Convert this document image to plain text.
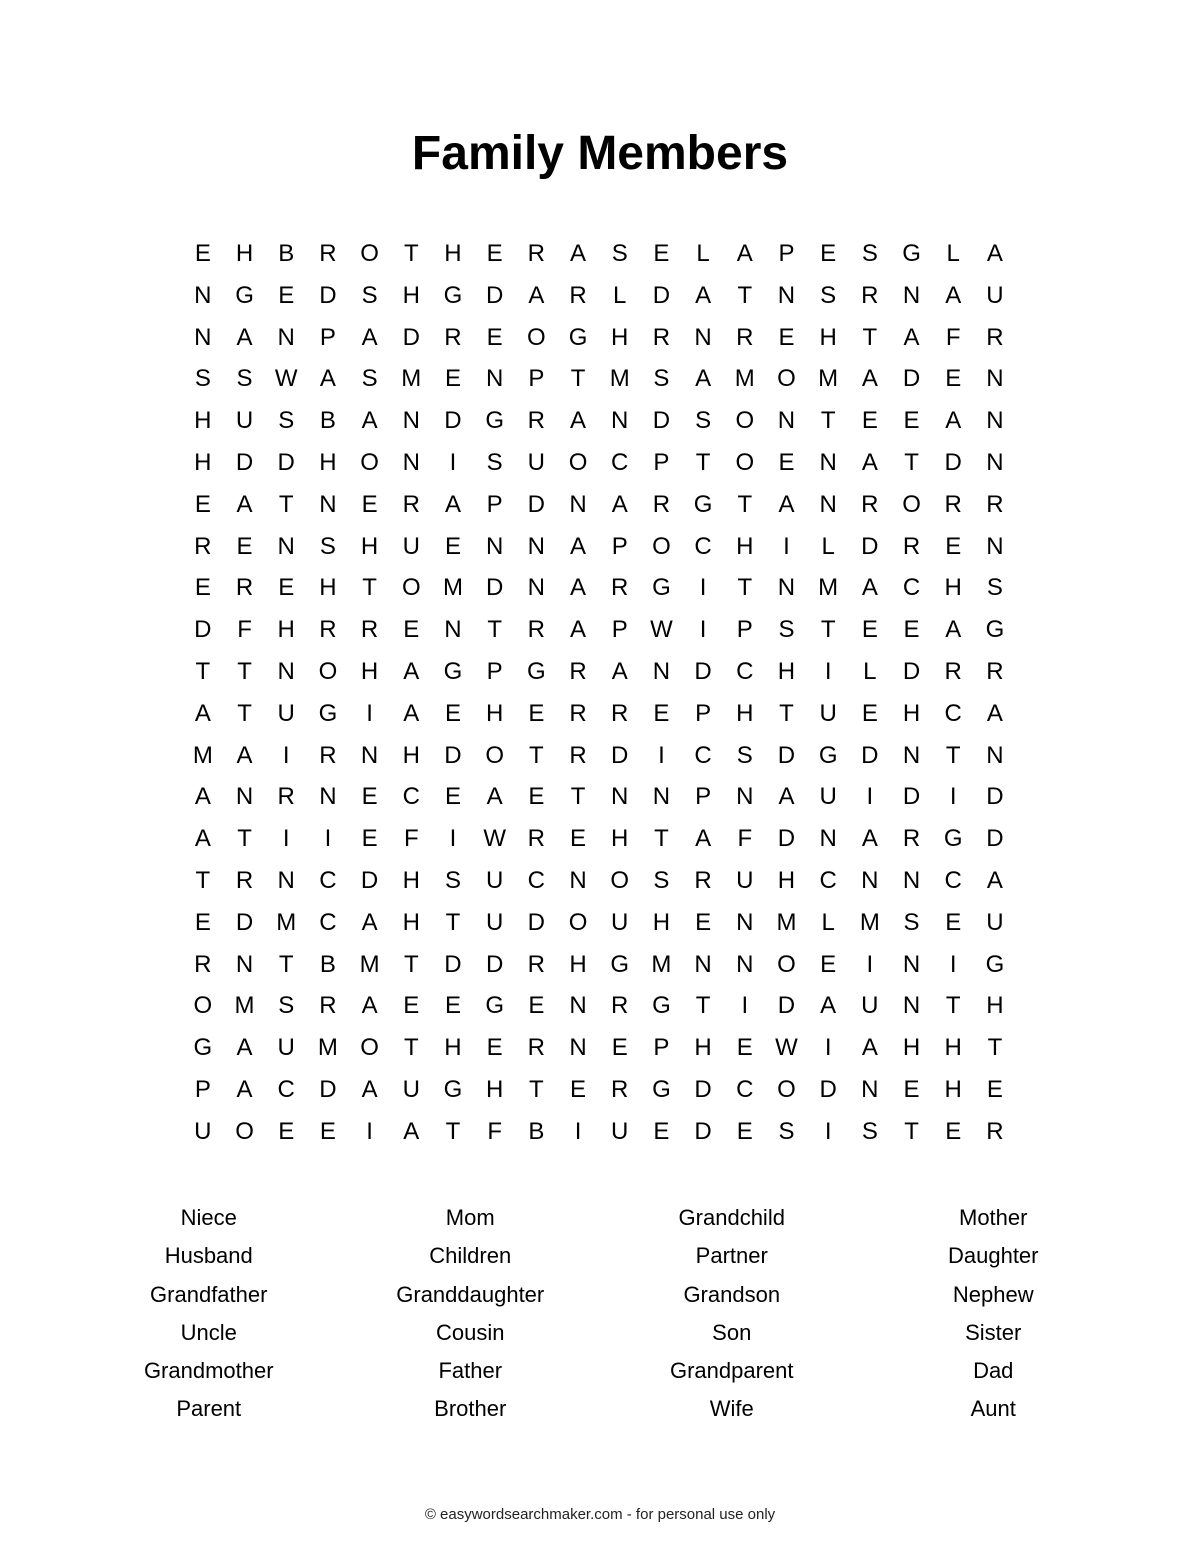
Family Members
E	H	B	R O	T	H	E	R	A	S	E	L	A	P	E	S	G	L	A
N G	E	D	S	H G D	A	R	L	D	A	T	N	S	R	N	A	U
N	A	N	P	A	D	R	E	O G H	R	N	R	E	H	T	A	F	R
S	S W A	S M E	N	P	T	M S	A M O M A	D	E	N
H	U	S	B	A	N	D G R	A	N	D	S	O N	T	E	E	A	N
H	D	D	H O N	I	S	U O C	P	T	O	E	N	A	T	D	N
E	A	T	N	E	R	A	P	D	N	A	R G	T	A	N	R O R	R
R	E	N	S	H	U	E	N	N	A	P	O C	H	I	L	D	R	E	N
E	R	E	H	T	O M D	N	A	R G	I	T	N M A	C	H	S
D	F	H	R	R	E	N	T	R	A	P W	I	P	S	T	E	E	A	G
T	T	N O H	A	G	P	G R	A	N	D	C	H	I	L	D	R	R
A	T	U G	I	A	E	H	E	R	R	E	P	H	T	U	E	H	C	A
M A	I	R	N	H	D O	T	R	D	I	C	S	D G D	N	T	N
A	N	R	N	E	C	E	A	E	T	N	N	P	N	A	U	I	D	I	D
A	T	I	I	E	F	I	W R	E	H	T	A	F	D	N	A	R G D
T	R	N	C	D	H	S	U	C	N O	S	R	U	H	C	N	N	C	A
E	D M C	A	H	T	U	D O U	H	E	N M	L	M S	E	U
R	N	T	B M	T	D	D	R	H G M N	N O	E	I	N	I	G
O M S	R	A	E	E	G	E	N	R G	T	I	D	A	U	N	T	H
G	A	U M O	T	H	E	R	N	E	P	H	E W	I	A	H	H	T
P	A	C	D	A	U G H	T	E	R G D	C O D	N	E	H	E
U O	E	E	I	A	T	F	B	I	U	E	D	E	S	I	S	T	E	R
Niece
Husband
Grandfather
Uncle
Grandmother
Parent
Mom
Children
Granddaughter
Cousin
Father
Brother
Grandchild
Partner
Grandson
Son
Grandparent
Wife
Mother
Daughter
Nephew
Sister
Dad
Aunt
© easywordsearchmaker.com - for personal use only
